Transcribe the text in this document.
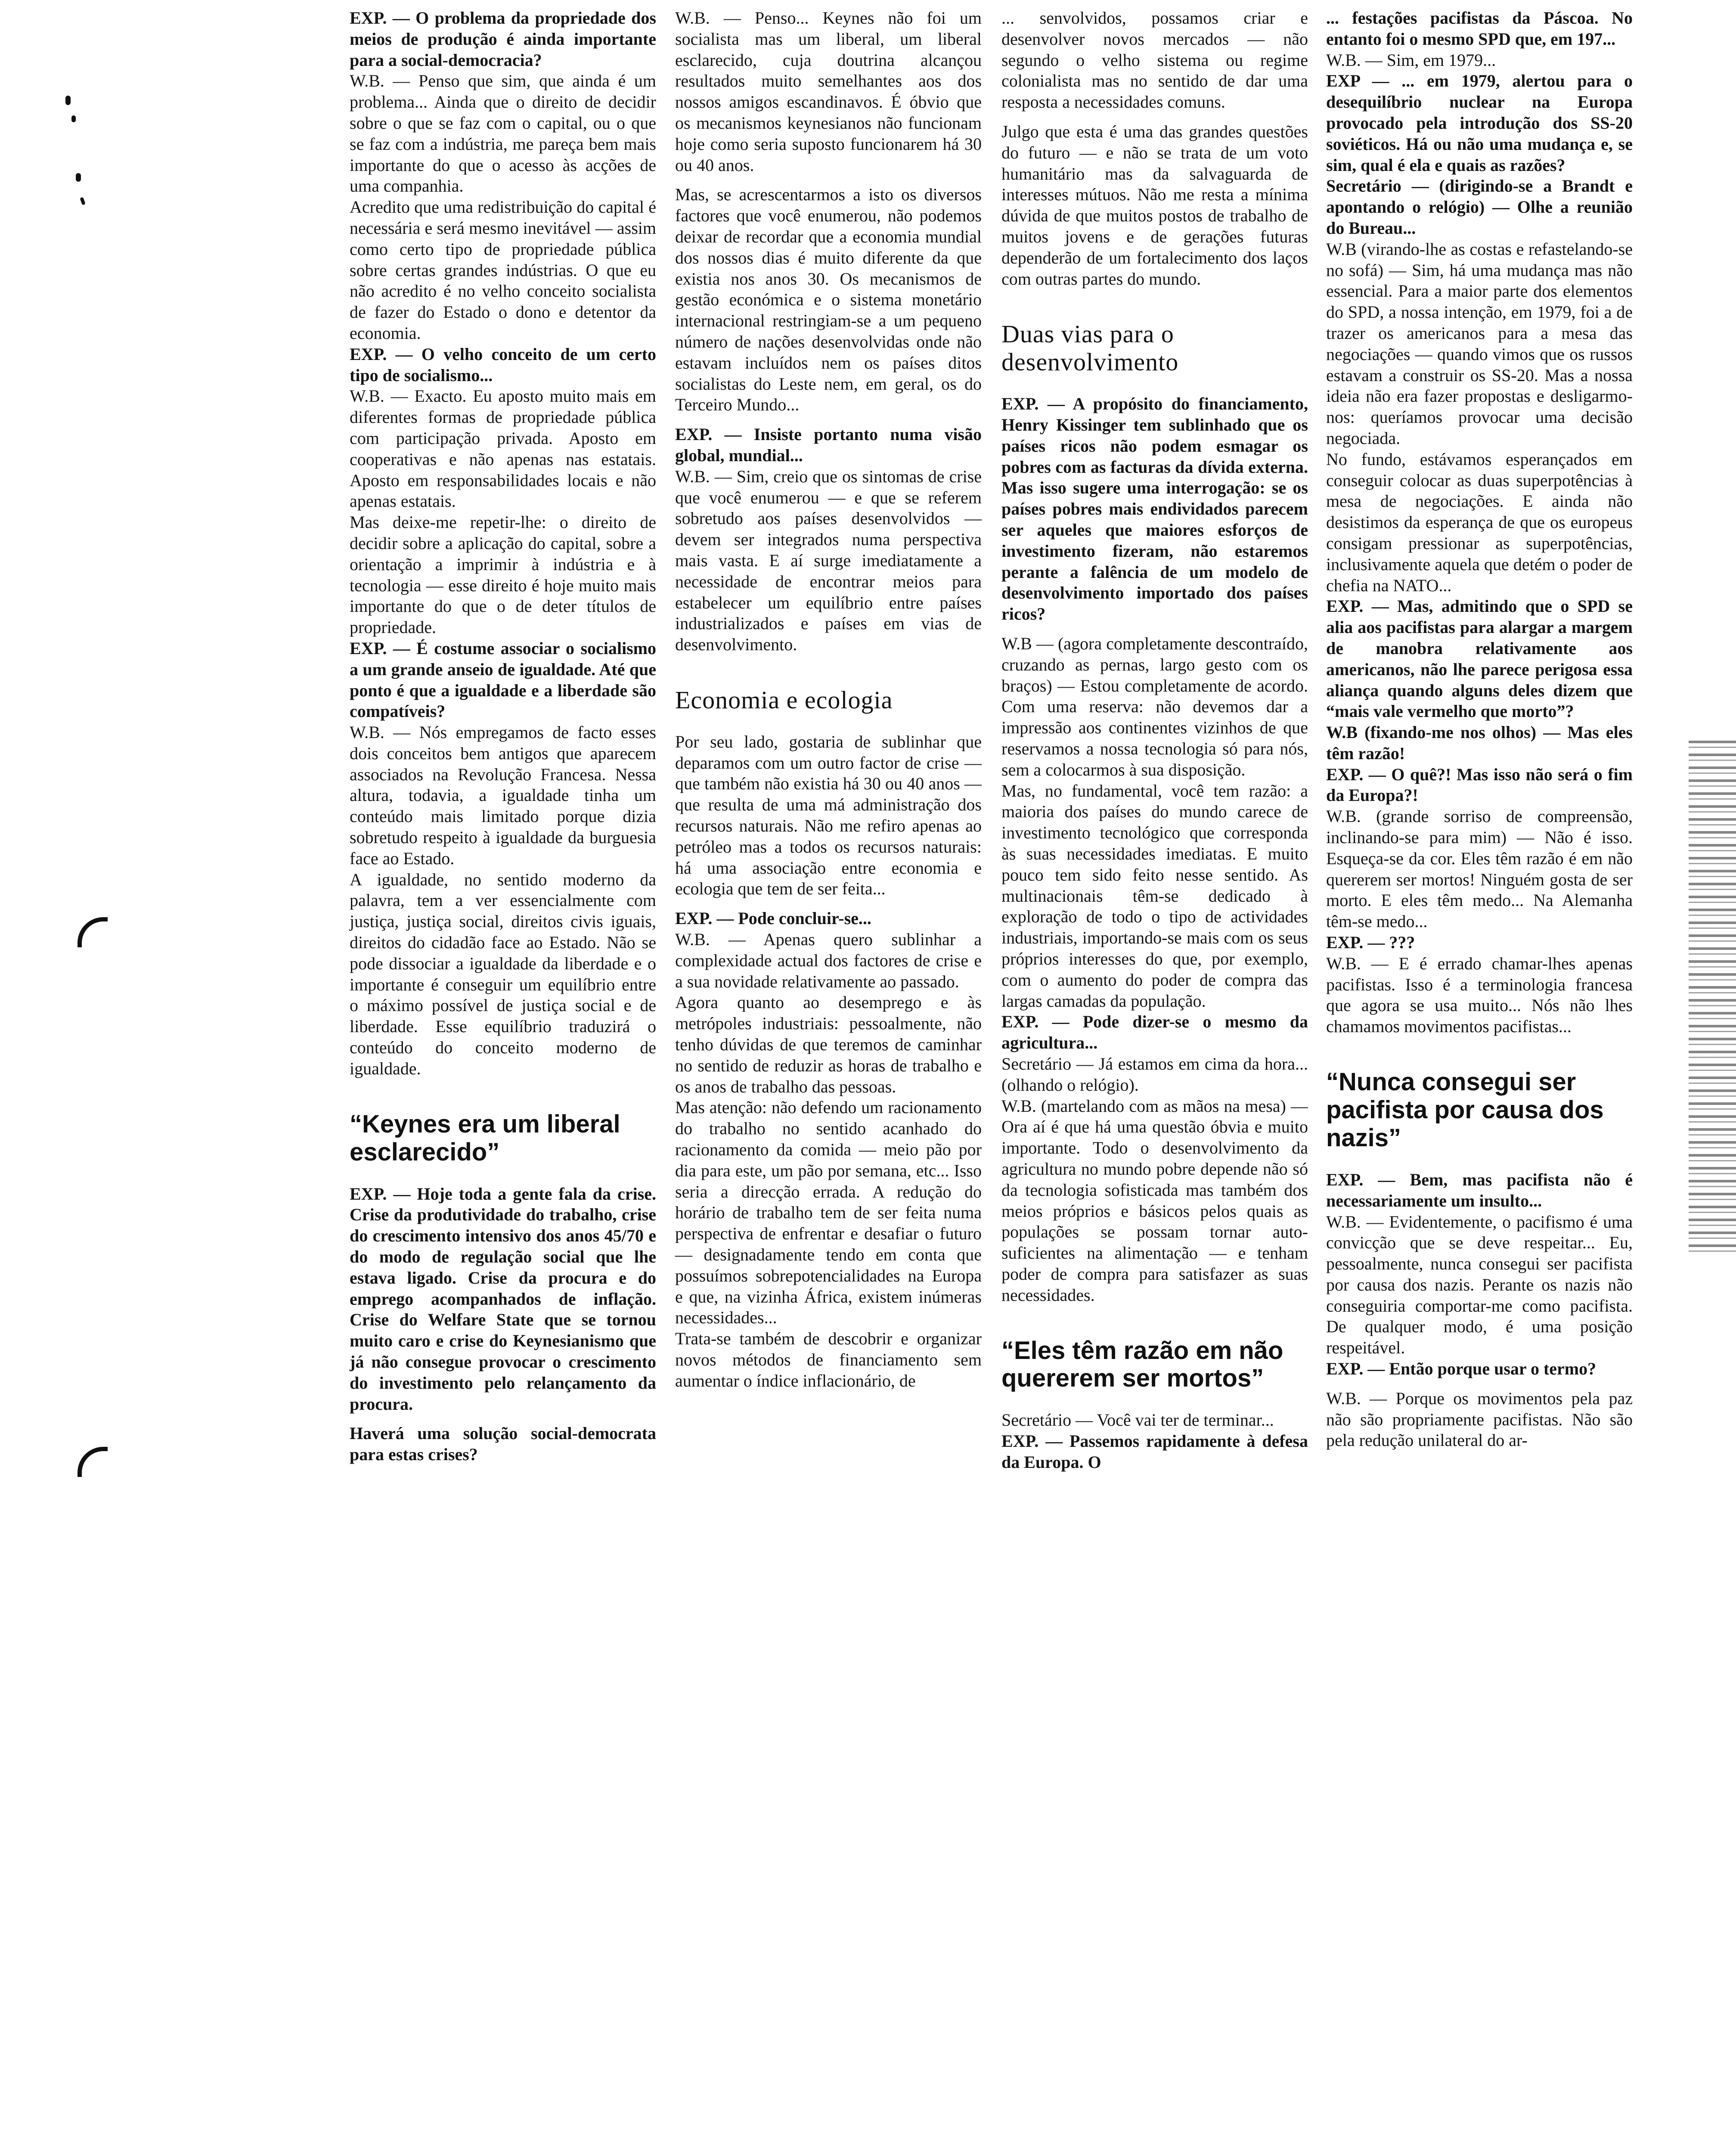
EXP. — O problema da propriedade dos meios de produção é ainda importante para a social-democracia?

W.B. — Penso que sim, que ainda é um problema... Ainda que o direito de decidir sobre o que se faz com o capital, ou o que se faz com a indústria, me pareça bem mais importante do que o acesso às acções de uma companhia.

Acredito que uma redistribuição do capital é necessária e será mesmo inevitável — assim como certo tipo de propriedade pública sobre certas grandes indústrias. O que eu não acredito é no velho conceito socialista de fazer do Estado o dono e detentor da economia.

EXP. — O velho conceito de um certo tipo de socialismo...

W.B. — Exacto. Eu aposto muito mais em diferentes formas de propriedade pública com participação privada. Aposto em cooperativas e não apenas nas estatais. Aposto em responsabilidades locais e não apenas estatais.

Mas deixe-me repetir-lhe: o direito de decidir sobre a aplicação do capital, sobre a orientação a imprimir à indústria e à tecnologia — esse direito é hoje muito mais importante do que o de deter títulos de propriedade.

EXP. — É costume associar o socialismo a um grande anseio de igualdade. Até que ponto é que a igualdade e a liberdade são compatíveis?

W.B. — Nós empregamos de facto esses dois conceitos bem antigos que aparecem associados na Revolução Francesa. Nessa altura, todavia, a igualdade tinha um conteúdo mais limitado porque dizia sobretudo respeito à igualdade da burguesia face ao Estado.

A igualdade, no sentido moderno da palavra, tem a ver essencialmente com justiça, justiça social, direitos civis iguais, direitos do cidadão face ao Estado. Não se pode dissociar a igualdade da liberdade e o importante é conseguir um equilíbrio entre o máximo possível de justiça social e de liberdade. Esse equilíbrio traduzirá o conteúdo do conceito moderno de igualdade.

“Keynes era um liberal esclarecido”

EXP. — Hoje toda a gente fala da crise. Crise da produtividade do trabalho, crise do crescimento intensivo dos anos 45/70 e do modo de regulação social que lhe estava ligado. Crise da procura e do emprego acompanhados de inflação. Crise do Welfare State que se tornou muito caro e crise do Keynesianismo que já não consegue provocar o crescimento do investimento pelo relançamento da procura.

Haverá uma solução social-democrata para estas crises?

W.B. — Penso... Keynes não foi um socialista mas um liberal, um liberal esclarecido, cuja doutrina alcançou resultados muito semelhantes aos dos nossos amigos escandinavos. É óbvio que os mecanismos keynesianos não funcionam hoje como seria suposto funcionarem há 30 ou 40 anos.

Mas, se acrescentarmos a isto os diversos factores que você enumerou, não podemos deixar de recordar que a economia mundial dos nossos dias é muito diferente da que existia nos anos 30. Os mecanismos de gestão económica e o sistema monetário internacional restringiam-se a um pequeno número de nações desenvolvidas onde não estavam incluídos nem os países ditos socialistas do Leste nem, em geral, os do Terceiro Mundo...

EXP. — Insiste portanto numa visão global, mundial...

W.B. — Sim, creio que os sintomas de crise que você enumerou — e que se referem sobretudo aos países desenvolvidos — devem ser integrados numa perspectiva mais vasta. E aí surge imediatamente a necessidade de encontrar meios para estabelecer um equilíbrio entre países industrializados e países em vias de desenvolvimento.

Economia e ecologia

Por seu lado, gostaria de sublinhar que deparamos com um outro factor de crise — que também não existia há 30 ou 40 anos — que resulta de uma má administração dos recursos naturais. Não me refiro apenas ao petróleo mas a todos os recursos naturais: há uma associação entre economia e ecologia que tem de ser feita...

EXP. — Pode concluir-se...

W.B. — Apenas quero sublinhar a complexidade actual dos factores de crise e a sua novidade relativamente ao passado.

Agora quanto ao desemprego e às metrópoles industriais: pessoalmente, não tenho dúvidas de que teremos de caminhar no sentido de reduzir as horas de trabalho e os anos de trabalho das pessoas.

Mas atenção: não defendo um racionamento do trabalho no sentido acanhado do racionamento da comida — meio pão por dia para este, um pão por semana, etc... Isso seria a direcção errada. A redução do horário de trabalho tem de ser feita numa perspectiva de enfrentar e desafiar o futuro — designadamente tendo em conta que possuímos sobrepotencialidades na Europa e que, na vizinha África, existem inúmeras necessidades...

Trata-se também de descobrir e organizar novos métodos de financiamento sem aumentar o índice inflacionário, de

... senvolvidos, possamos criar e desenvolver novos mercados — não segundo o velho sistema ou regime colonialista mas no sentido de dar uma resposta a necessidades comuns.

Julgo que esta é uma das grandes questões do futuro — e não se trata de um voto humanitário mas da salvaguarda de interesses mútuos. Não me resta a mínima dúvida de que muitos postos de trabalho de muitos jovens e de gerações futuras dependerão de um fortalecimento dos laços com outras partes do mundo.

Duas vias para o desenvolvimento

EXP. — A propósito do financiamento, Henry Kissinger tem sublinhado que os países ricos não podem esmagar os pobres com as facturas da dívida externa. Mas isso sugere uma interrogação: se os países pobres mais endividados parecem ser aqueles que maiores esforços de investimento fizeram, não estaremos perante a falência de um modelo de desenvolvimento importado dos países ricos?

W.B — (agora completamente descontraído, cruzando as pernas, largo gesto com os braços) — Estou completamente de acordo. Com uma reserva: não devemos dar a impressão aos continentes vizinhos de que reservamos a nossa tecnologia só para nós, sem a colocarmos à sua disposição.

Mas, no fundamental, você tem razão: a maioria dos países do mundo carece de investimento tecnológico que corresponda às suas necessidades imediatas. E muito pouco tem sido feito nesse sentido. As multinacionais têm-se dedicado à exploração de todo o tipo de actividades industriais, importando-se mais com os seus próprios interesses do que, por exemplo, com o aumento do poder de compra das largas camadas da população.

EXP. — Pode dizer-se o mesmo da agricultura...

Secretário — Já estamos em cima da hora... (olhando o relógio).

W.B. (martelando com as mãos na mesa) — Ora aí é que há uma questão óbvia e muito importante. Todo o desenvolvimento da agricultura no mundo pobre depende não só da tecnologia sofisticada mas também dos meios próprios e básicos pelos quais as populações se possam tornar auto-suficientes na alimentação — e tenham poder de compra para satisfazer as suas necessidades.

“Eles têm razão em não quererem ser mortos”

Secretário — Você vai ter de terminar...

EXP. — Passemos rapidamente à defesa da Europa. O

... festações pacifistas da Páscoa. No entanto foi o mesmo SPD que, em 197...

W.B. — Sim, em 1979...

EXP — ... em 1979, alertou para o desequilíbrio nuclear na Europa provocado pela introdução dos SS-20 soviéticos. Há ou não uma mudança e, se sim, qual é ela e quais as razões?

Secretário — (dirigindo-se a Brandt e apontando o relógio) — Olhe a reunião do Bureau...

W.B (virando-lhe as costas e refastelando-se no sofá) — Sim, há uma mudança mas não essencial. Para a maior parte dos elementos do SPD, a nossa intenção, em 1979, foi a de trazer os americanos para a mesa das negociações — quando vimos que os russos estavam a construir os SS-20. Mas a nossa ideia não era fazer propostas e desligarmo-nos: queríamos provocar uma decisão negociada.

No fundo, estávamos esperançados em conseguir colocar as duas superpotências à mesa de negociações. E ainda não desistimos da esperança de que os europeus consigam pressionar as superpotências, inclusivamente aquela que detém o poder de chefia na NATO...

EXP. — Mas, admitindo que o SPD se alia aos pacifistas para alargar a margem de manobra relativamente aos americanos, não lhe parece perigosa essa aliança quando alguns deles dizem que “mais vale vermelho que morto”?

W.B (fixando-me nos olhos) — Mas eles têm razão!

EXP. — O quê?! Mas isso não será o fim da Europa?!

W.B. (grande sorriso de compreensão, inclinando-se para mim) — Não é isso. Esqueça-se da cor. Eles têm razão é em não quererem ser mortos! Ninguém gosta de ser morto. E eles têm medo... Na Alemanha têm-se medo...

EXP. — ???

W.B. — E é errado chamar-lhes apenas pacifistas. Isso é a terminologia francesa que agora se usa muito... Nós não lhes chamamos movimentos pacifistas...

“Nunca consegui ser pacifista por causa dos nazis”

EXP. — Bem, mas pacifista não é necessariamente um insulto...

W.B. — Evidentemente, o pacifismo é uma convicção que se deve respeitar... Eu, pessoalmente, nunca consegui ser pacifista por causa dos nazis. Perante os nazis não conseguiria comportar-me como pacifista. De qualquer modo, é uma posição respeitável.

EXP. — Então porque usar o termo?

W.B. — Porque os movimentos pela paz não são propriamente pacifistas. Não são pela redução unilateral do ar-
